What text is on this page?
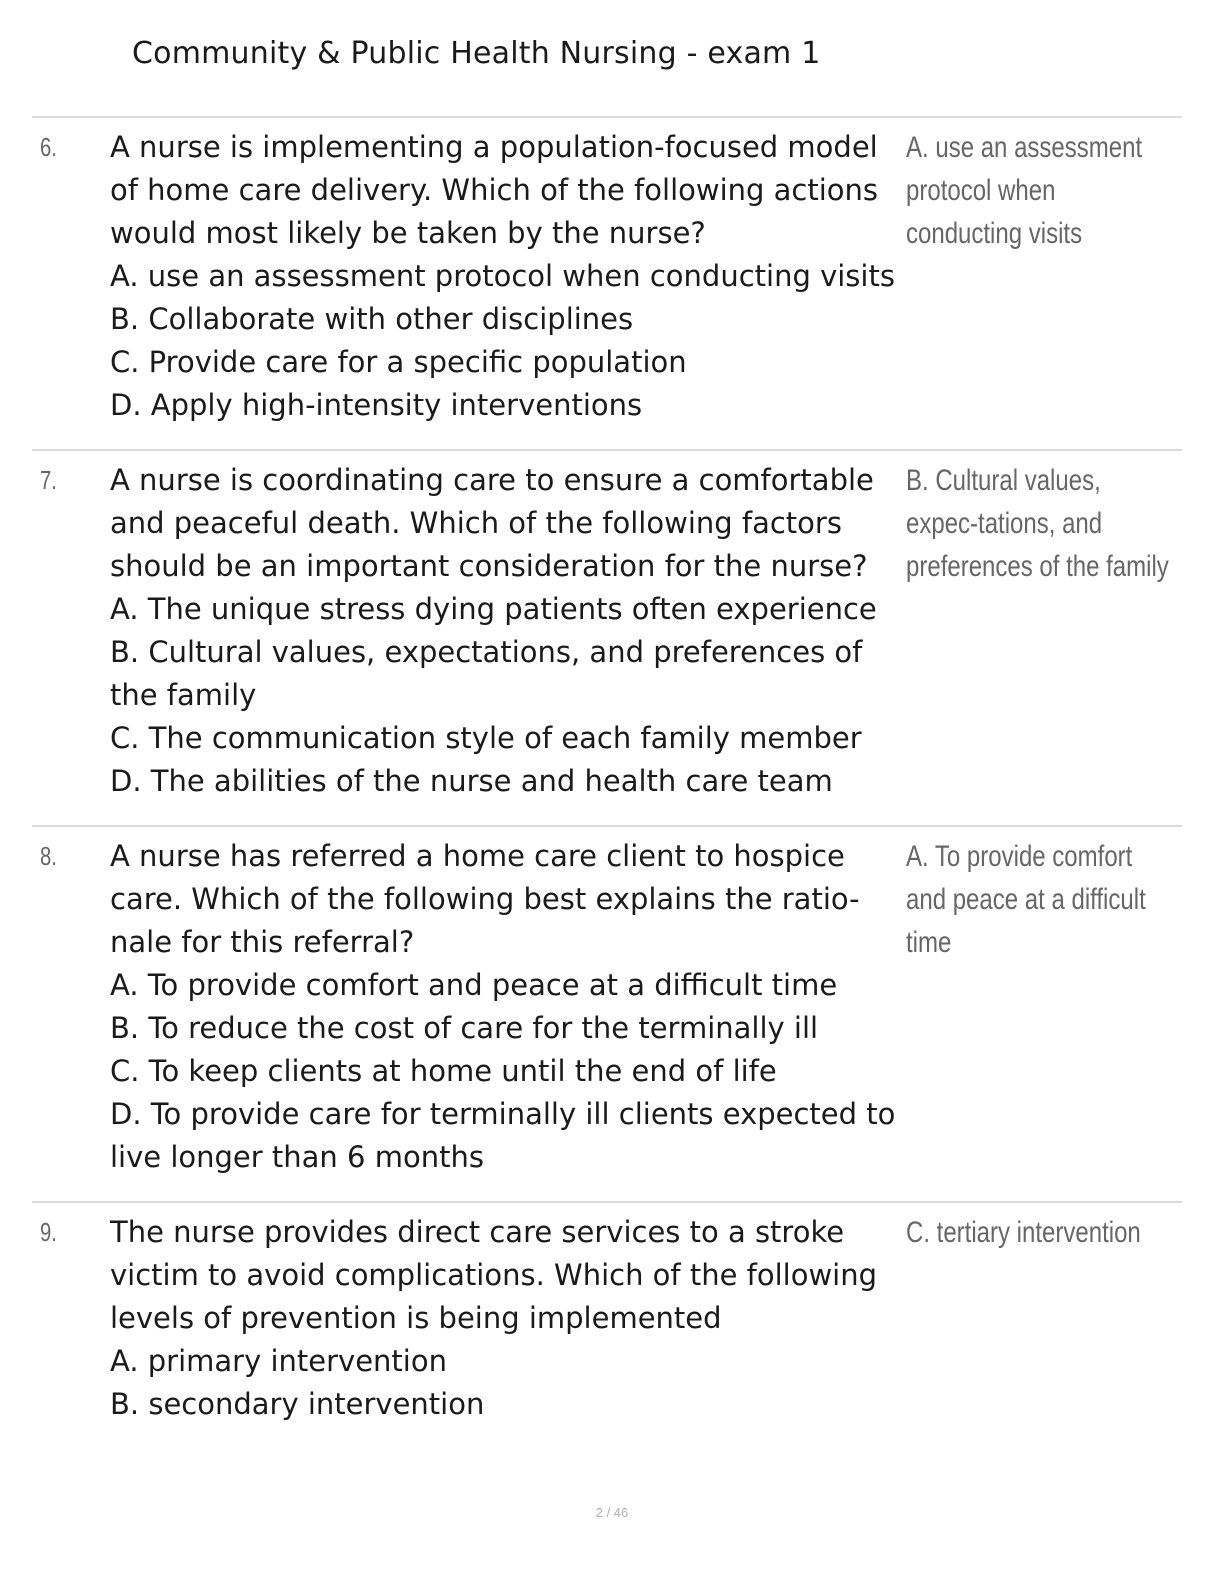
Community & Public Health Nursing - exam 1
6. A nurse is implementing a population-focused model of home care delivery. Which of the following actions would most likely be taken by the nurse?
A. use an assessment protocol when conducting visits
B. Collaborate with other disciplines
C. Provide care for a specific population
D. Apply high-intensity interventions
A. use an assessment protocol when conducting visits
7. A nurse is coordinating care to ensure a comfortable and peaceful death. Which of the following factors should be an important consideration for the nurse?
A. The unique stress dying patients often experience
B. Cultural values, expectations, and preferences of the family
C. The communication style of each family member
D. The abilities of the nurse and health care team
B. Cultural values, expec-tations, and preferences of the family
8. A nurse has referred a home care client to hospice care. Which of the following best explains the ratio-nale for this referral?
A. To provide comfort and peace at a difficult time
B. To reduce the cost of care for the terminally ill
C. To keep clients at home until the end of life
D. To provide care for terminally ill clients expected to live longer than 6 months
A. To provide comfort and peace at a difficult time
9. The nurse provides direct care services to a stroke victim to avoid complications. Which of the following levels of prevention is being implemented
A. primary intervention
B. secondary intervention
C. tertiary intervention
2 / 46
